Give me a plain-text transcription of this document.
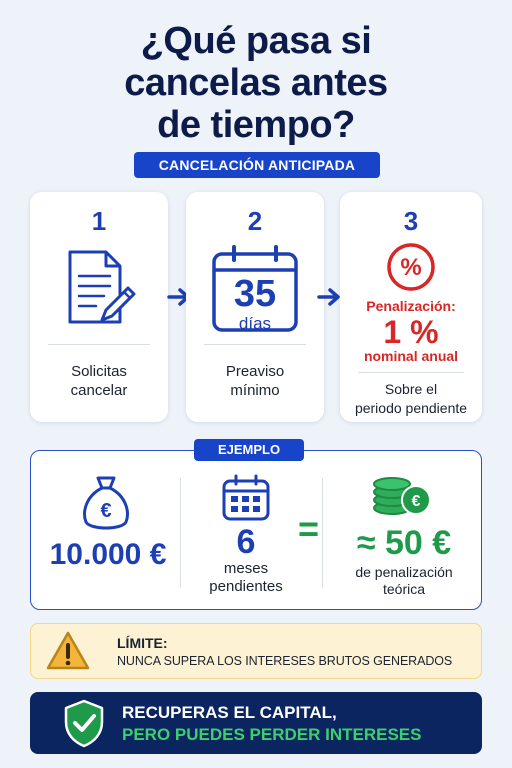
¿Qué pasa si
cancelas antes
de tiempo?
CANCELACIÓN ANTICIPADA
1
Solicitas
cancelar
2
35
días
Preaviso
mínimo
3
%
Penalización:
1 %
nominal anual
Sobre el
periodo pendiente
EJEMPLO
€
10.000 €	6
meses
pendientes
=
€
≈ 50 €
de penalización
teórica
LÍMITE:
NUNCA SUPERA LOS INTERESES BRUTOS GENERADOS
RECUPERAS EL CAPITAL,
PERO PUEDES PERDER INTERESES
